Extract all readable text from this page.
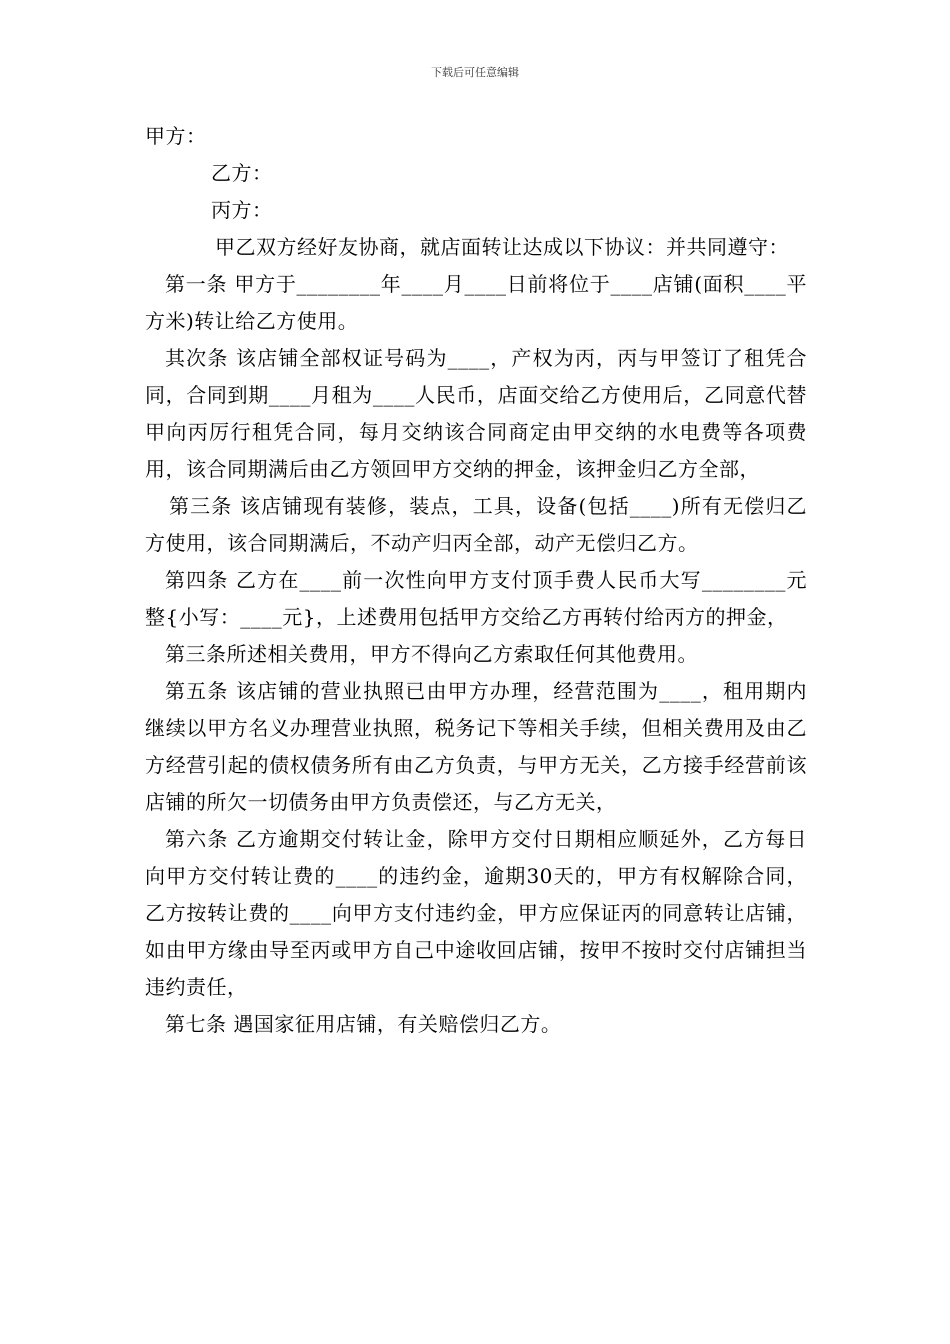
下载后可任意编辑

甲方：

乙方：

丙方：

甲乙双方经好友协商，就店面转让达成以下协议：并共同遵守：

第一条 甲方于________年____月____日前将位于____店铺(面积____平方米)转让给乙方使用。

其次条 该店铺全部权证号码为____，产权为丙，丙与甲签订了租凭合同，合同到期____月租为____人民币，店面交给乙方使用后，乙同意代替甲向丙厉行租凭合同，每月交纳该合同商定由甲交纳的水电费等各项费用，该合同期满后由乙方领回甲方交纳的押金，该押金归乙方全部，

第三条 该店铺现有装修，装点，工具，设备(包括____)所有无偿归乙方使用，该合同期满后，不动产归丙全部，动产无偿归乙方。

第四条 乙方在____前一次性向甲方支付顶手费人民币大写________元整{小写：____元}，上述费用包括甲方交给乙方再转付给丙方的押金，

第三条所述相关费用，甲方不得向乙方索取任何其他费用。

第五条 该店铺的营业执照已由甲方办理，经营范围为____，租用期内继续以甲方名义办理营业执照，税务记下等相关手续，但相关费用及由乙方经营引起的债权债务所有由乙方负责，与甲方无关，乙方接手经营前该店铺的所欠一切债务由甲方负责偿还，与乙方无关，

第六条 乙方逾期交付转让金，除甲方交付日期相应顺延外，乙方每日向甲方交付转让费的____的违约金，逾期30天的，甲方有权解除合同，乙方按转让费的____向甲方支付违约金，甲方应保证丙的同意转让店铺，如由甲方缘由导至丙或甲方自己中途收回店铺，按甲不按时交付店铺担当违约责任，

第七条 遇国家征用店铺，有关赔偿归乙方。
